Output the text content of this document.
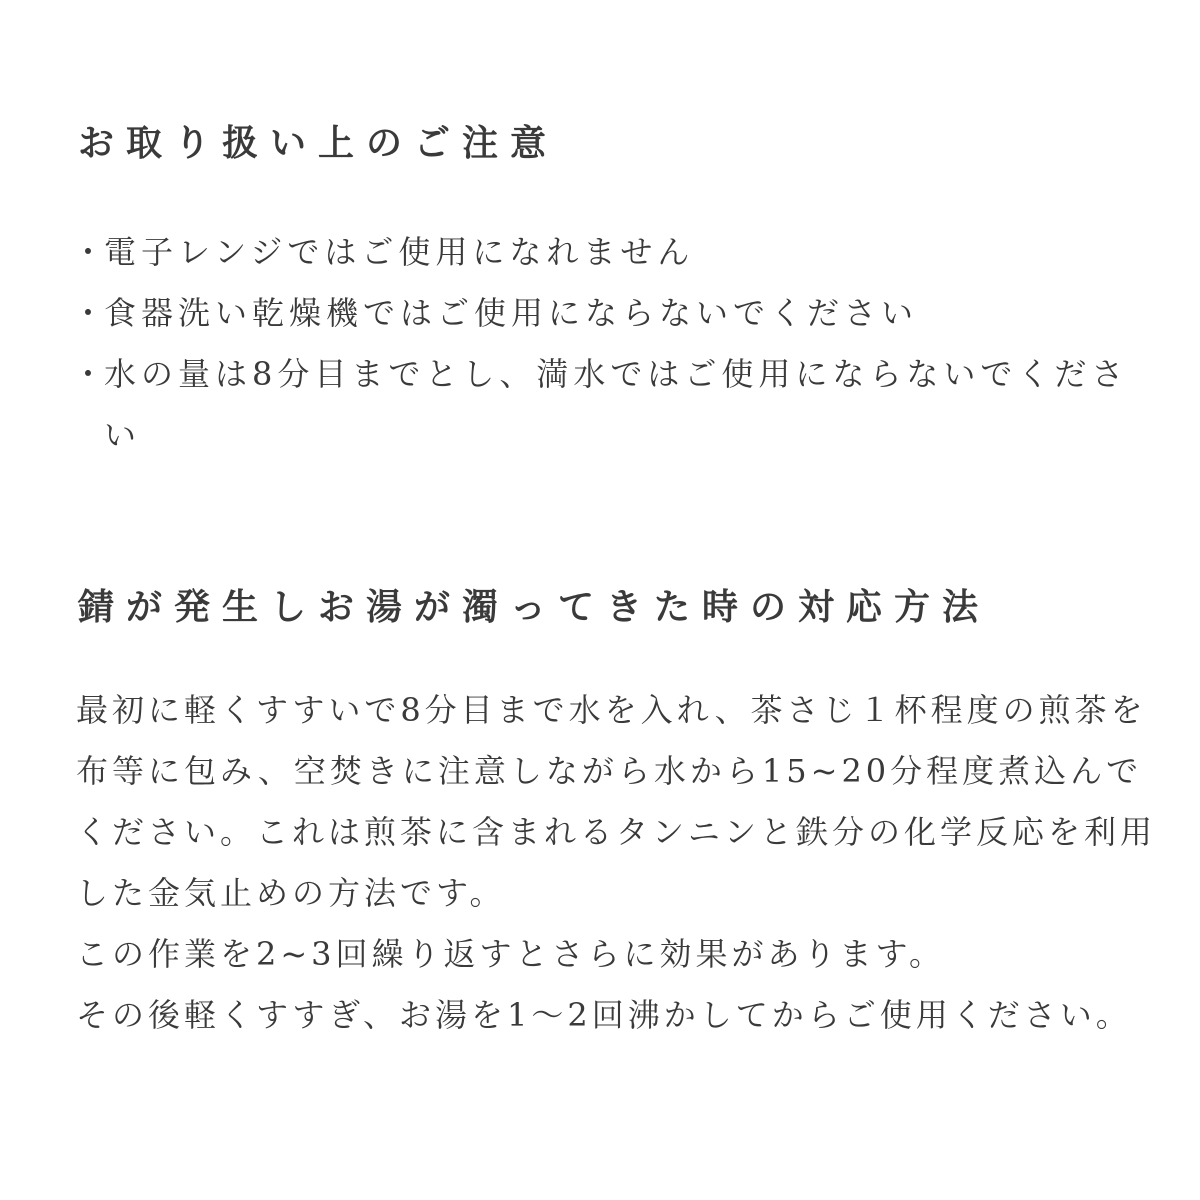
お取り扱い上のご注意
・
電子レンジではご使用になれません
・
食器洗い乾燥機ではご使用にならないでください
・
水の量は8分目までとし、満水ではご使用にならないでください
錆が発生しお湯が濁ってきた時の対応方法

最初に軽くすすいで8分目まで水を入れ、茶さじ１杯程度の煎茶を布等に包み、空焚きに注意しながら水から15~20分程度煮込んでください。これは煎茶に含まれるタンニンと鉄分の化学反応を利用した金気止めの方法です。

この作業を2~3回繰り返すとさらに効果があります。

その後軽くすすぎ、お湯を1～2回沸かしてからご使用ください。
